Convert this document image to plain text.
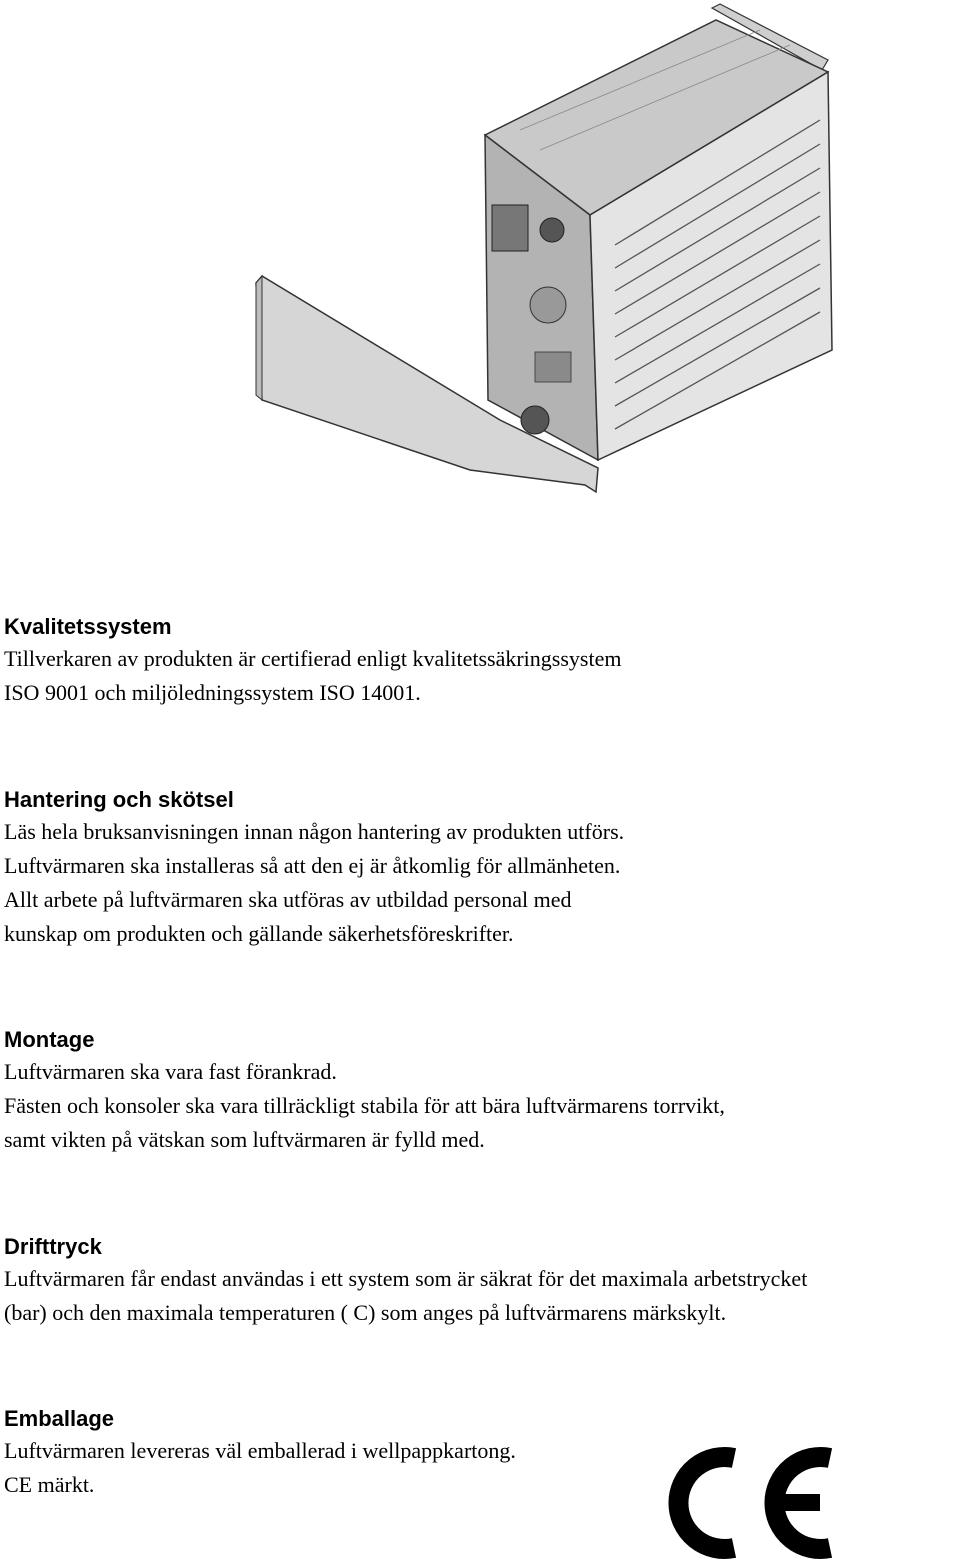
Kvalitetssystem

Tillverkaren av produkten är certifierad enligt kvalitetssäkringssystem

ISO 9001 och miljöledningssystem ISO 14001.

Hantering och skötsel

Läs hela bruksanvisningen innan någon hantering av produkten utförs.

Luftvärmaren ska installeras så att den ej är åtkomlig för allmänheten.

Allt arbete på luftvärmaren ska utföras av utbildad personal med

kunskap om produkten och gällande säkerhetsföreskrifter.

Montage

Luftvärmaren ska vara fast förankrad.

Fästen och konsoler ska vara tillräckligt stabila för att bära luftvärmarens torrvikt,

samt vikten på vätskan som luftvärmaren är fylld med.

Drifttryck

Luftvärmaren får endast användas i ett system som är säkrat för det maximala arbetstrycket

(bar) och den maximala temperaturen ( C) som anges på luftvärmarens märkskylt.

Emballage

Luftvärmaren levereras väl emballerad i wellpappkartong.

CE märkt.
